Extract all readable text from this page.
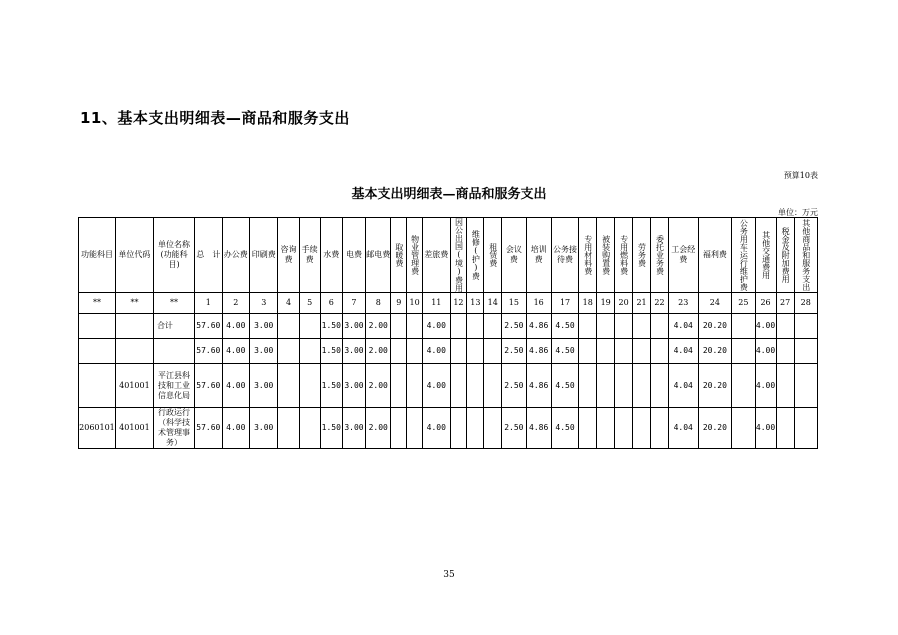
11、基本支出明细表—商品和服务支出
预算10表
基本支出明细表—商品和服务支出
单位：万元
功能科目	单位代码	单位名称(功能科目)	总　计	办公费	印刷费	咨询费	手续费	水费	电费	邮电费	取暖费	物业管理费	差旅费	因公出国(境)费用	维修(护)费	租赁费	会议费	培训费	公务接待费	专用材料费	被装购置费	专用燃料费	劳务费	委托业务费	工会经费	福利费	公务用车运行维护费	其他交通费用	税金及附加费用	其他商品和服务支出
**	**	**	1	2	3	4	5	6	7	8	9	10	11	12	13	14	15	16	17	18	19	20	21	22	23	24	25	26	27	28
		合计	57.60	4.00	3.00			1.50	3.00	2.00			4.00				2.50	4.86	4.50						4.04	20.20		4.00		
			57.60	4.00	3.00			1.50	3.00	2.00			4.00				2.50	4.86	4.50						4.04	20.20		4.00		
	401001	平江县科技和工业信息化局	57.60	4.00	3.00			1.50	3.00	2.00			4.00				2.50	4.86	4.50						4.04	20.20		4.00		
2060101	401001	行政运行（科学技术管理事务）	57.60	4.00	3.00			1.50	3.00	2.00			4.00				2.50	4.86	4.50						4.04	20.20		4.00		
35
